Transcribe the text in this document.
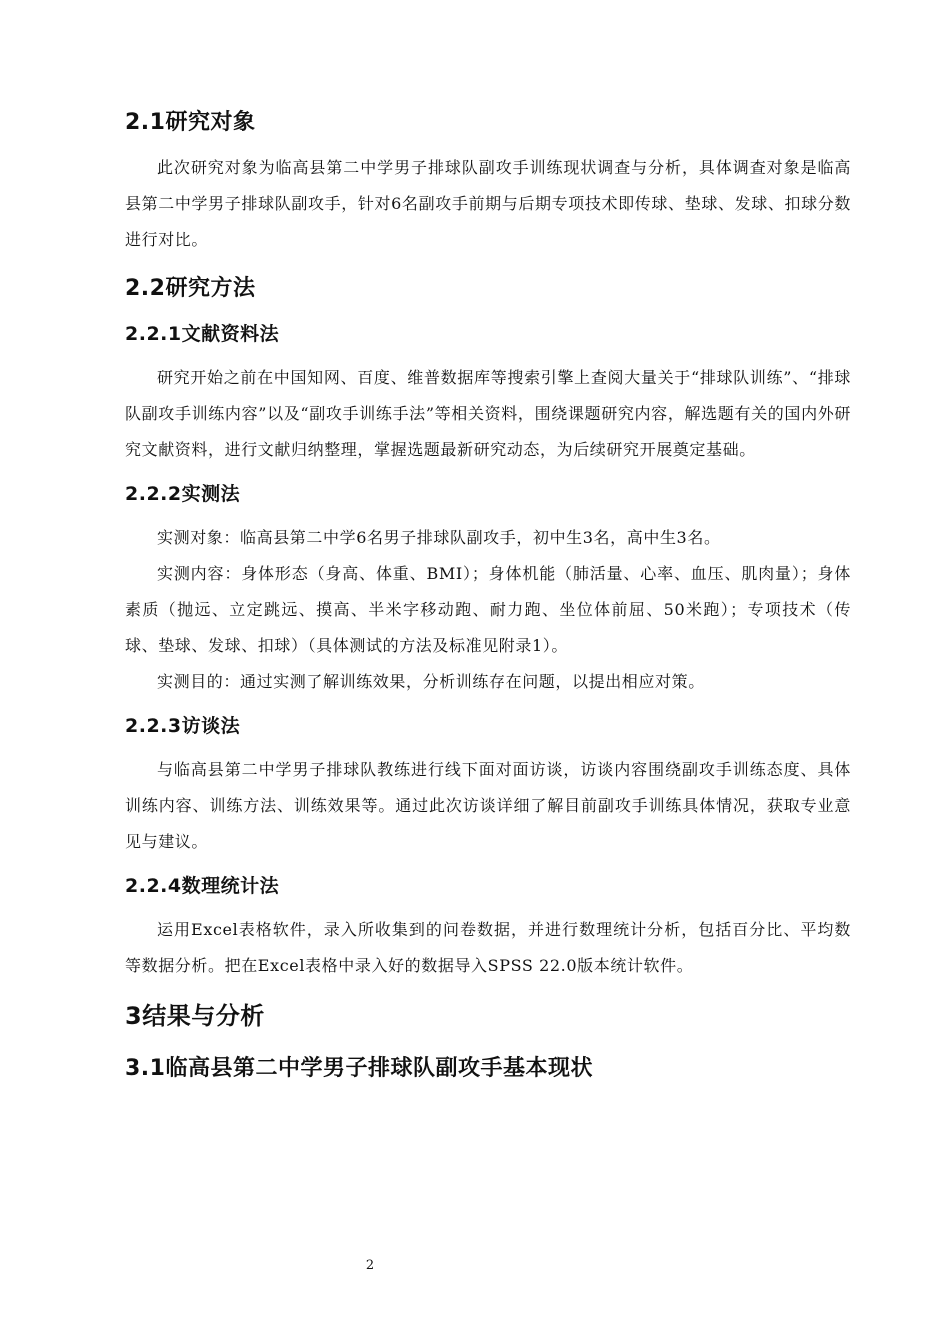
2.1研究对象

此次研究对象为临高县第二中学男子排球队副攻手训练现状调查与分析，具体调查对象是临高县第二中学男子排球队副攻手，针对6名副攻手前期与后期专项技术即传球、垫球、发球、扣球分数进行对比。

2.2研究方法
2.2.1文献资料法

研究开始之前在中国知网、百度、维普数据库等搜索引擎上查阅大量关于“排球队训练”、“排球队副攻手训练内容”以及“副攻手训练手法”等相关资料，围绕课题研究内容，解选题有关的国内外研究文献资料，进行文献归纳整理，掌握选题最新研究动态，为后续研究开展奠定基础。

2.2.2实测法

实测对象：临高县第二中学6名男子排球队副攻手，初中生3名，高中生3名。

实测内容：身体形态（身高、体重、BMI）；身体机能（肺活量、心率、血压、肌肉量）；身体素质（抛远、立定跳远、摸高、半米字移动跑、耐力跑、坐位体前屈、50米跑）；专项技术（传球、垫球、发球、扣球）（具体测试的方法及标准见附录1）。

实测目的：通过实测了解训练效果，分析训练存在问题，以提出相应对策。

2.2.3访谈法

与临高县第二中学男子排球队教练进行线下面对面访谈，访谈内容围绕副攻手训练态度、具体训练内容、训练方法、训练效果等。通过此次访谈详细了解目前副攻手训练具体情况，获取专业意见与建议。

2.2.4数理统计法

运用Excel表格软件，录入所收集到的问卷数据，并进行数理统计分析，包括百分比、平均数等数据分析。把在Excel表格中录入好的数据导入SPSS 22.0版本统计软件。

3结果与分析
3.1临高县第二中学男子排球队副攻手基本现状
2
